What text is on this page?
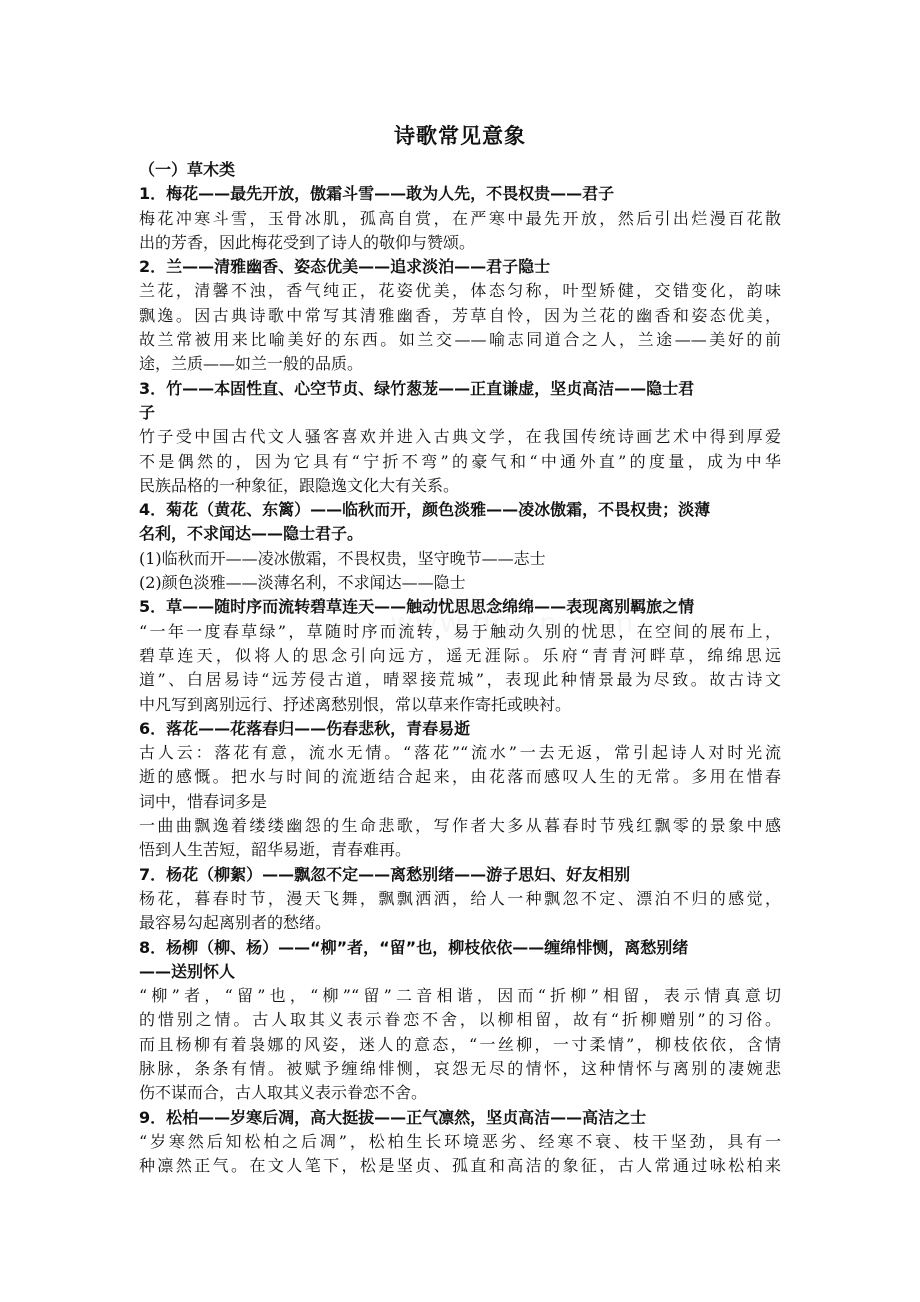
诗歌常见意象
（一）草木类
1．梅花——最先开放，傲霜斗雪——敢为人先，不畏权贵——君子
梅花冲寒斗雪，玉骨冰肌，孤高自赏，在严寒中最先开放，然后引出烂漫百花散
出的芳香，因此梅花受到了诗人的敬仰与赞颂。
2．兰——清雅幽香、姿态优美——追求淡泊——君子隐士
兰花，清馨不浊，香气纯正，花姿优美，体态匀称，叶型矫健，交错变化，韵味
飘逸。因古典诗歌中常写其清雅幽香，芳草自怜，因为兰花的幽香和姿态优美，
故兰常被用来比喻美好的东西。如兰交——喻志同道合之人，兰途——美好的前
途，兰质——如兰一般的品质。
3．竹——本固性直、心空节贞、绿竹葱茏——正直谦虚，坚贞高洁——隐士君
子
竹子受中国古代文人骚客喜欢并进入古典文学，在我国传统诗画艺术中得到厚爱
不是偶然的，因为它具有“宁折不弯”的豪气和“中通外直”的度量，成为中华
民族品格的一种象征，跟隐逸文化大有关系。
4．菊花（黄花、东篱）——临秋而开，颜色淡雅——凌冰傲霜，不畏权贵；淡薄
名利，不求闻达——隐士君子。
(1)临秋而开——凌冰傲霜，不畏权贵，坚守晚节——志士
(2)颜色淡雅——淡薄名利，不求闻达——隐士
5．草——随时序而流转碧草连天——触动忧思思念绵绵——表现离别羁旅之情
“一年一度春草绿”，草随时序而流转，易于触动久别的忧思，在空间的展布上，
碧草连天，似将人的思念引向远方，遥无涯际。乐府“青青河畔草，绵绵思远
道”、白居易诗“远芳侵古道，晴翠接荒城”，表现此种情景最为尽致。故古诗文
中凡写到离别远行、抒述离愁别恨，常以草来作寄托或映衬。
6．落花——花落春归——伤春悲秋，青春易逝
古人云：落花有意，流水无情。“落花”“流水”一去无返，常引起诗人对时光流
逝的感慨。把水与时间的流逝结合起来，由花落而感叹人生的无常。多用在惜春
词中，惜春词多是
一曲曲飘逸着缕缕幽怨的生命悲歌，写作者大多从暮春时节残红飘零的景象中感
悟到人生苦短，韶华易逝，青春难再。
7．杨花（柳絮）——飘忽不定——离愁别绪——游子思妇、好友相别
杨花，暮春时节，漫天飞舞，飘飘洒洒，给人一种飘忽不定、漂泊不归的感觉，
最容易勾起离别者的愁绪。
8．杨柳（柳、杨）——“柳”者，“留”也，柳枝依依——缠绵悱恻，离愁别绪
——送别怀人
“柳”者，“留”也，“柳”“留”二音相谐，因而“折柳”相留，表示情真意切
的惜别之情。古人取其义表示眷恋不舍，以柳相留，故有“折柳赠别”的习俗。
而且杨柳有着袅娜的风姿，迷人的意态，“一丝柳，一寸柔情”，柳枝依依，含情
脉脉，条条有情。被赋予缠绵悱恻，哀怨无尽的情怀，这种情怀与离别的凄婉悲
伤不谋而合，古人取其义表示眷恋不舍。
9．松柏——岁寒后凋，高大挺拔——正气凛然，坚贞高洁——高洁之士
“岁寒然后知松柏之后凋”，松柏生长环境恶劣、经寒不衰、枝干坚劲，具有一
种凛然正气。在文人笔下，松是坚贞、孤直和高洁的象征，古人常通过咏松柏来
